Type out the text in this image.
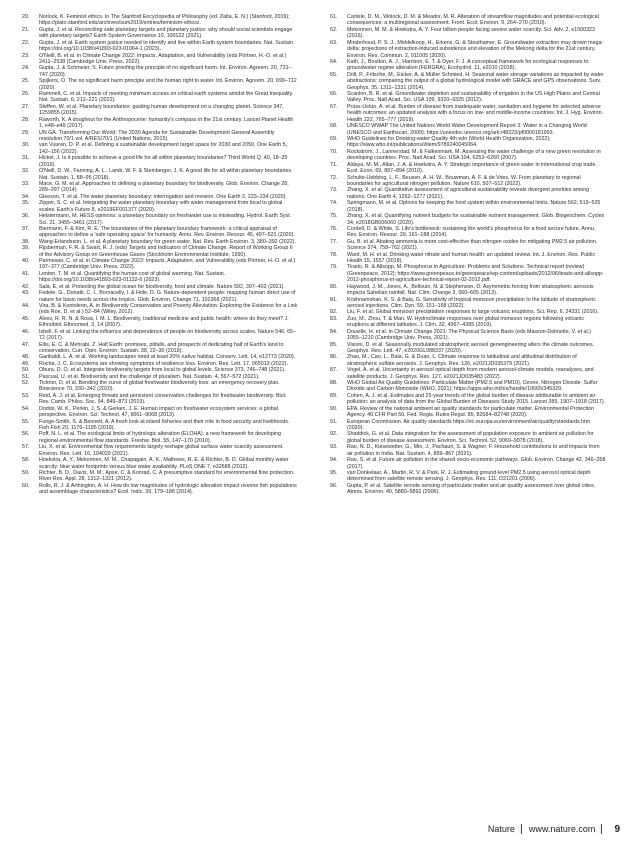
20.	Norlock, K. Feminist ethics. In The Stanford Encyclopedia of Philosophy (ed. Zalta, E. N.) (Stanford, 2019); https://plato.stanford.edu/archives/sum2019/entries/feminism-ethics/.
21.	Gupta, J. et al. Reconciling safe planetary targets and planetary justice: why should social scientists engage with planetary targets? Earth System Governance 10, 100122 (2021).
22.	Gupta, J. et al. Earth system justice needed to identify and live within Earth system boundaries. Nat. Sustain. https://doi.org/10.1038/s41893-023-01064-1 (2023).
23.	O'Neill, B. et al. in Climate Change 2022: Impacts, Adaptation, and Vulnerability (eds Pörtner, H.-O. et al.) 2411–2538 (Cambridge Univ. Press, 2022).
24.	Gupta, J. & Schmeier, S. Future proofing the principle of no significant harm. Int. Environ. Agreem. 20, 731–747 (2020).
25.	Spijkers, O. The no significant harm principle and the human right to water. Int. Environ. Agreem. 20, 699–712 (2020).
26.	Rammelt, C. et al. Impacts of meeting minimum access on critical earth systems amidst the Great Inequality. Nat. Sustain. 6, 212–221 (2022).
27.	Steffen, W. et al. Planetary boundaries: guiding human development on a changing planet. Science 347, 1259855 (2015).
28.	Raworth, K. A doughnut for the Anthropocene: humanity's compass in the 21st century. Lancet Planet Health 1, e48–e49 (2017).
29.	UN GA. Transforming Our World: The 2030 Agenda for Sustainable Development General Assembly resolution 70/1 vol. A/RES/70/1 (United Nations, 2015).
30.	van Vuuren, D. P. et al. Defining a sustainable development target space for 2030 and 2050. One Earth 5, 142–156 (2022).
31.	Hickel, J. Is it possible to achieve a good life for all within planetary boundaries? Third World Q. 40, 18–35 (2019).
32.	O'Neill, D. W., Fanning, A. L., Lamb, W. F. & Steinberger, J. K. A good life for all within planetary boundaries. Nat. Sustain. 1, 88–95 (2018).
33.	Mace, G. M. et al. Approaches to defining a planetary boundary for biodiversity. Glob. Environ. Change 28, 289–297 (2014).
34.	Gleeson, T. et al. The water planetary boundary: interrogation and revision. One Earth 2, 223–234 (2020).
35.	Zipper, S. C. et al. Integrating the water planetary boundary with water management from local to global scales. Earth's Future 8, e2019EF001377 (2020).
36.	Heistermann, M. HESS opinions: a planetary boundary on freshwater use is misleading. Hydrol. Earth Syst. Sci. 21, 3455–3461 (2017).
37.	Biermann, F. & Kim, R. E. The boundaries of the planetary boundary framework: a critical appraisal of approaches to define a 'safe operating space' for humanity. Annu. Rev. Environ. Resour. 45, 497–521 (2020).
38.	Wang-Erlandsson, L. et al. A planetary boundary for green water. Nat. Rev. Earth Environ. 3, 380–392 (2022).
39.	Rijsberman, F. R. & Swart, R. J. (eds) Targets and Indicators of Climate Change. Report of Working Group II of the Advisory Group on Greenhouse Gases (Stockholm Environmental Institute, 1990).
40.	Parmesan, C. et al. in Climate Change 2022: Impacts, Adaptation, and Vulnerability (eds Pörtner, H.-O. et al.) 197–377 (Cambridge Univ. Press, 2022).
41.	Lenton, T. M. et al. Quantifying the human cost of global warming. Nat. Sustain. https://doi.org/10.1038/s41893-023-01132-6 (2023).
42.	Sala, E. et al. Protecting the global ocean for biodiversity, food and climate. Nature 592, 397–402 (2021).
43.	Fedele, G., Donatti, C. I., Bornacelly, I. & Hole, D. G. Nature-dependent people: mapping human direct use of nature for basic needs across the tropics. Glob. Environ. Change 71, 102368 (2021).
44.	Vira, B. & Kontoleon, A. in Biodiversity Conservation and Poverty Alleviation: Exploring the Evidence for a Link (eds Roe, D. et al.) 52–84 (Wiley, 2012).
45.	Alves, R. R. N. & Rosa, I. M. L. Biodiversity, traditional medicine and public health: where do they meet? J. Ethnobiol. Ethnomed. 3, 14 (2007).
46.	Isbell, F. et al. Linking the influence and dependence of people on biodiversity across scales. Nature 546, 65–72 (2017).
47.	Ellis, E. C. & Mehrabi, Z. Half Earth: promises, pitfalls, and prospects of dedicating half of Earth's land to conservation. Curr. Opin. Environ. Sustain. 38, 22–30 (2019).
48.	Garibaldi, L. A. et al. Working landscapes need at least 20% native habitat. Conserv. Lett. 14, e12773 (2020).
49.	Rocha, J. C. Ecosystems are showing symptoms of resilience loss. Environ. Res. Lett. 17, 065013 (2022).
50.	Obura, D. O. et al. Integrate biodiversity targets from local to global levels. Science 373, 746–748 (2021).
51.	Pascual, U. et al. Biodiversity and the challenge of pluralism. Nat. Sustain. 4, 567–572 (2021).
52.	Tickner, D. et al. Bending the curve of global freshwater biodiversity loss: an emergency recovery plan. Bioscience 70, 330–342 (2020).
53.	Reid, A. J. et al. Emerging threats and persistent conservation challenges for freshwater biodiversity. Biol. Rev. Camb. Philos. Soc. 94, 849–873 (2019).
54.	Dodds, W. K., Perkin, J. S. & Gerken, J. E. Human impact on freshwater ecosystem services: a global perspective. Environ. Sci. Technol. 47, 9061–9068 (2013).
55.	Funge-Smith, S. & Bennett, A. A fresh look at inland fisheries and their role in food security and livelihoods. Fish Fish 20, 1176–1195 (2019).
56.	Poff, N. L. et al. The ecological limits of hydrologic alteration (ELOHA): a new framework for developing regional environmental flow standards. Freshw. Biol. 55, 147–170 (2010).
57.	Liu, X. et al. Environmental flow requirements largely reshape global surface water scarcity assessment. Environ. Res. Lett. 16, 104029 (2021).
58.	Hoekstra, A. Y., Mekonnen, M. M., Chapagain, A. K., Mathews, R. E. & Richter, B. D. Global monthly water scarcity: blue water footprints versus blue water availability. PLoS ONE 7, e32688 (2012).
59.	Richter, B. D., Davis, M. M., Apse, C. & Konrad, C. A presumptive standard for environmental flow protection. River Res. Appl. 28, 1312–1321 (2012).
60.	Rolls, R. J. & Arthington, A. H. How do low magnitudes of hydrologic alteration impact riverine fish populations and assemblage characteristics? Ecol. Indic. 39, 179–188 (2014).
61.	Carlisle, D. M., Wolock, D. M. & Meador, M. R. Alteration of streamflow magnitudes and potential ecological consequences: a multiregional assessment. Front. Ecol. Environ. 9, 264–270 (2010).
62.	Mekonnen, M. M. & Hoekstra, A. Y. Four billion people facing severe water scarcity. Sci. Adv. 2, e1500323 (2016).
63.	Minderhoud, P. S. J., Middelkoop, H., Erkens, G. & Stouthamer, E. Groundwater extraction may drown mega-delta: projections of extraction-induced subsidence and elevation of the Mekong delta for the 21st century. Environ. Res. Commun. 2, 011005 (2020).
64.	Kath, J., Boulton, A. J., Harrison, E. T. & Dyer, F. J. A conceptual framework for ecological responses to groundwater regime alteration (FERGRA). Ecohydrol. 11, e2010 (2018).
65.	Döll, P., Fritsche, M., Eicker, A. & Müller Schmied, H. Seasonal water storage variations as impacted by water abstractions: comparing the output of a global hydrological model with GRACE and GPS observations. Surv. Geophys. 35, 1311–1331 (2014).
66.	Scanlon, B. R. et al. Groundwater depletion and sustainability of irrigation in the US High Plains and Central Valley. Proc. Natl Acad. Sci. USA 109, 9320–9325 (2012).
67.	Prüss-Ustün, A. et al. Burden of disease from inadequate water, sanitation and hygiene for selected adverse health outcomes: an updated analysis with a focus on low- and middle-income countries. Int. J. Hyg. Environ. Health 222, 765–777 (2019).
68.	UNESCO WWAP The United Nations World Water Development Report 3: Water in a Changing World (UNESCO and Earthscan, 2009); https://unesdoc.unesco.org/ark:/48223/pf0000181993.
69.	WHO Guidelines for Drinking-water Quality 4th edn (World Health Organization, 2022); https://www.who.int/publications/i/item/9789240045064.
70.	Rockström, J., Lannerstad, M. & Falkenmark, M. Assessing the water challenge of a new green revolution in developing countries. Proc. Natl Acad. Sci. USA 104, 6253–6260 (2007).
71.	Aldaya, M. M., Allan, J. A. & Hoekstra, A. Y. Strategic importance of green water in international crop trade. Ecol. Econ. 69, 887–894 (2010).
72.	Schulte-Uebbing, L. F., Beusen, A. H. W., Bouwman, A. F. & de Vries, W. From planetary to regional boundaries for agricultural nitrogen pollution. Nature 610, 507–512 (2022).
73.	Zhang, X. et al. Quantitative assessment of agricultural sustainability reveals divergent priorities among nations. One Earth 4, 1262–1277 (2021).
74.	Springmann, M. et al. Options for keeping the food system within environmental limits. Nature 562, 519–525 (2018).
75.	Zhang, X. et al. Quantifying nutrient budgets for sustainable nutrient management. Glob. Biogeochem. Cycles 34, e2018GB006060 (2020).
76.	Cordell, D. & White, S. Life's bottleneck: sustaining the world's phosphorus for a food secure future. Annu. Rev. Environ. Resour. 39, 161–188 (2014).
77.	Gu, B. et al. Abating ammonia is more cost-effective than nitrogen oxides for mitigating PM2.5 air pollution. Science 374, 758–762 (2021).
78.	Ward, M. H. et al. Drinking water nitrate and human health: an updated review. Int. J. Environ. Res. Public Health 15, 1557 (2018).
79.	Tirado, R. & Allsopp, M. Phosphorus in Agriculture: Problems and Solutions. Technical report (review) (Greenpeace, 2012); https://www.greenpeace.to/greenpeace/wp-content/uploads/2012/06/tirado-and-allsopp-2012-phosphorus-in-agriculture-technical-report-02-2012.pdf.
80.	Haywood, J. M., Jones, A., Bellouin, N. & Stephenson, D. Asymmetric forcing from stratospheric aerosols impacts Sahelian rainfall. Nat. Clim. Change 3, 660–665 (2013).
81.	Krishnamohan, K. S. & Bala, G. Sensitivity of tropical monsoon precipitation to the latitude of stratospheric aerosol injections. Clim. Dyn. 59, 151–168 (2022).
82.	Liu, F. et al. Global monsoon precipitation responses to large volcanic eruptions. Sci. Rep. 6, 24331 (2016).
83.	Zuo, M., Zhou, T. & Man, W. Hydroclimate responses over global monsoon regions following volcanic eruptions at different latitudes. J. Clim. 32, 4367–4385 (2019).
84.	Douville, H. et al. in Climate Change 2021: The Physical Science Basis (eds Masson-Delmotte, V. et al.) 1055–1210 (Cambridge Univ. Press, 2021).
85.	Visioni, D. et al. Seasonally modulated stratospheric aerosol geoengineering alters the climate outcomes. Geophys. Res. Lett. 47, e2020GL088337 (2020).
86.	Zhao, M., Cao, L., Bala, G. & Duan, L. Climate response to latitudinal and altitudinal distribution of stratospheric sulfate aerosols. J. Geophys. Res. 126, e2021JD035379 (2021).
87.	Vogel, A. et al. Uncertainty in aerosol optical depth from modern aerosol-climate models, reanalyses, and satellite products. J. Geophys. Res. 127, e2021JD035483 (2022).
88.	WHO Global Air Quality Guidelines: Particulate Matter (PM2.5 and PM10), Ozone, Nitrogen Dioxide, Sulfur Dioxide and Carbon Monoxide (WHO, 2021); https://apps.who.int/iris/handle/10665/345329.
89.	Cohen, A. J. et al. Estimates and 25-year trends of the global burden of disease attributable to ambient air pollution: an analysis of data from the Global Burden of Diseases Study 2015. Lancet 389, 1907–1918 (2017).
90.	EPA. Review of the national ambient air quality standards for particulate matter. Environmental Protection Agency. 40 CFR Part 50. Fed. Regis. Rules Regul. 85, 82684–82748 (2020).
91.	European Commission. Air quality standards https://ec.europa.eu/environment/air/quality/standards.htm (2020).
92.	Shaddick, G. et al. Data integration for the assessment of population exposure to ambient air pollution for global burden of disease assessment. Environ. Sci. Technol. 52, 9069–9078 (2018).
93.	Rao, N. D., Kiesewetter, G., Min, J., Pachauri, S. & Wagner, F. Household contributions to and impacts from air pollution in India. Nat. Sustain. 4, 859–867 (2021).
94.	Rao, S. et al. Future air pollution in the shared socio-economic pathways. Glob. Environ. Change 42, 346–358 (2017).
95.	van Donkelaar, A., Martin, R. V. & Park, R. J. Estimating ground-level PM2.5 using aerosol optical depth determined from satellite remote sensing. J. Geophys. Res. 111, D21201 (2006).
96.	Gupta, P. et al. Satellite remote sensing of particulate matter and air quality assessment over global cities. Atmos. Environ. 40, 5880–5892 (2006).
Nature www.nature.com 9
